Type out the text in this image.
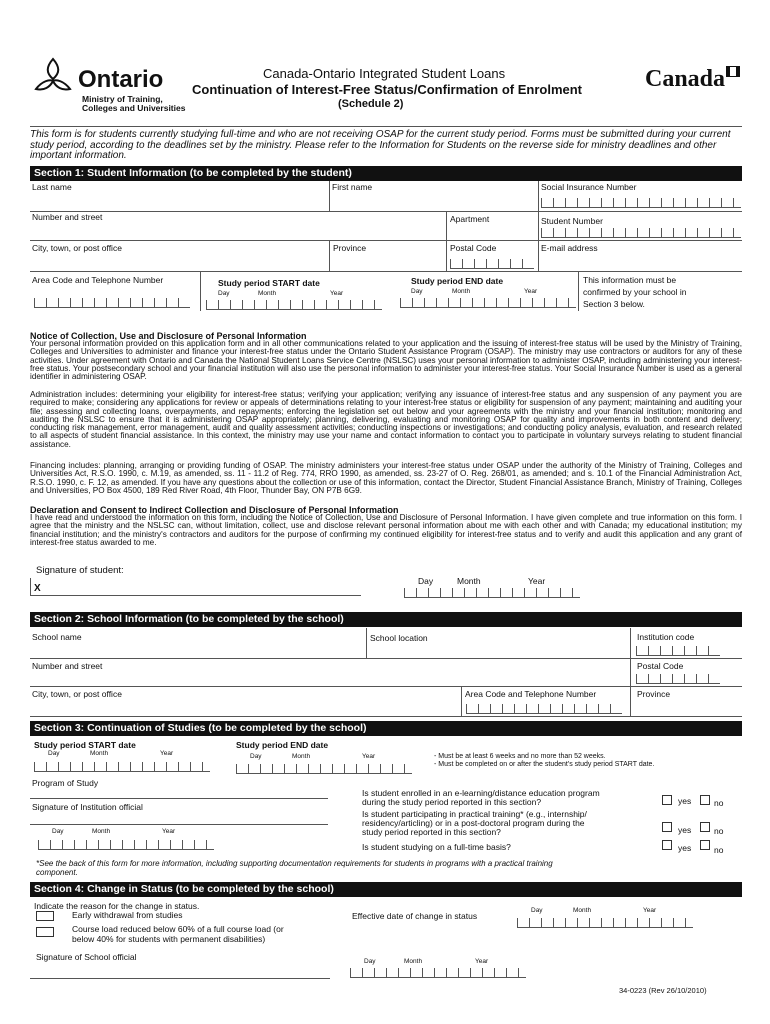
Ontario
Ministry of Training,
Colleges and Universities
Canada-Ontario Integrated Student Loans
Continuation of Interest-Free Status/Confirmation of Enrolment
(Schedule 2)
Canada
This form is for students currently studying full-time and who are not receiving OSAP for the current study period. Forms must be submitted during your current study period, according to the deadlines set by the ministry. Please refer to the Information for Students on the reverse side for ministry deadlines and other important information.
Section 1: Student Information (to be completed by the student)
Last name	First name	Social Insurance Number
Number and street	Apartment	Student Number
City, town, or post office	Province	Postal Code	E-mail address
Area Code and Telephone Number	Study period START date
Day	Month	Year
Study period END date
Day	Month	Year
This information must be
confirmed by your school in
Section 3 below.
Notice of Collection, Use and Disclosure of Personal Information
Your personal information provided on this application form and in all other communications related to your application and the issuing of interest-free status will be used by the Ministry of Training, Colleges and Universities to administer and finance your interest-free status under the Ontario Student Assistance Program (OSAP). The ministry may use contractors or auditors for any of these activities. Under agreement with Ontario and Canada the National Student Loans Service Centre (NSLSC) uses your personal information to administer OSAP, including administering your interest-free status. Your postsecondary school and your financial institution will also use the personal information to administer your interest-free status. Your Social Insurance Number is used as a general identifier in administering OSAP.
Administration includes: determining your eligibility for interest-free status; verifying your application; verifying any issuance of interest-free status and any suspension of any payment you are required to make; considering any applications for review or appeals of determinations relating to your interest-free status or eligibility for suspension of any payment; maintaining and auditing your file; assessing and collecting loans, overpayments, and repayments; enforcing the legislation set out below and your agreements with the ministry and your financial institution; monitoring and auditing the NSLSC to ensure that it is administering OSAP appropriately; planning, delivering, evaluating and monitoring OSAP for quality and improvements in both content and delivery; conducting risk management, error management, audit and quality assessment activities; conducting inspections or investigations; and conducting policy analysis, evaluation, and research related to all aspects of student financial assistance. In this context, the ministry may use your name and contact information to contact you to participate in voluntary surveys relating to student financial assistance.
Financing includes: planning, arranging or providing funding of OSAP. The ministry administers your interest-free status under OSAP under the authority of the Ministry of Training, Colleges and Universities Act, R.S.O. 1990, c. M.19, as amended, ss. 11 - 11.2 of Reg. 774, RRO 1990, as amended, ss. 23-27 of O. Reg. 268/01, as amended; and s. 10.1 of the Financial Administration Act, R.S.O. 1990, c. F. 12, as amended. If you have any questions about the collection or use of this information, contact the Director, Student Financial Assistance Branch, Ministry of Training, Colleges and Universities, PO Box 4500, 189 Red River Road, 4th Floor, Thunder Bay, ON P7B 6G9.
Declaration and Consent to Indirect Collection and Disclosure of Personal Information
I have read and understood the information on this form, including the Notice of Collection, Use and Disclosure of Personal Information. I have given complete and true information on this form. I agree that the ministry and the NSLSC can, without limitation, collect, use and disclose relevant personal information about me with each other and with Canada; my educational institution; my financial institution; and the ministry's contractors and auditors for the purpose of confirming my continued eligibility for interest-free status and to verify and audit this application and any grant of interest-free status awarded to me.
Signature of student:
X
Day	Month	Year
Section 2: School Information (to be completed by the school)
School name	School location	Institution code
Number and street	Postal Code
City, town, or post office	Area Code and Telephone Number	Province
Section 3: Continuation of Studies (to be completed by the school)
Study period START date
Day	Month	Year
Study period END date
Day	Month	Year	- Must be at least 6 weeks and no more than 52 weeks.
- Must be completed on or after the student's study period START date.
Program of Study
Signature of Institution official
Day	Month	Year
Is student enrolled in an e-learning/distance education program
during the study period reported in this section?	yes	no
Is student participating in practical training* (e.g., internship/
residency/articling) or in a post-doctoral program during the
study period reported in this section?	yes	no
Is student studying on a full-time basis?	yes	no
*See the back of this form for more information, including supporting documentation requirements for students in programs with a practical training
component.
Section 4: Change in Status (to be completed by the school)
Indicate the reason for the change in status.
Early withdrawal from studies
Course load reduced below 60% of a full course load (or
below 40% for students with permanent disabilities)
Effective date of change in status
Day	Month	Year
Signature of School official	Day	Month	Year
34-0223 (Rev 26/10/2010)
